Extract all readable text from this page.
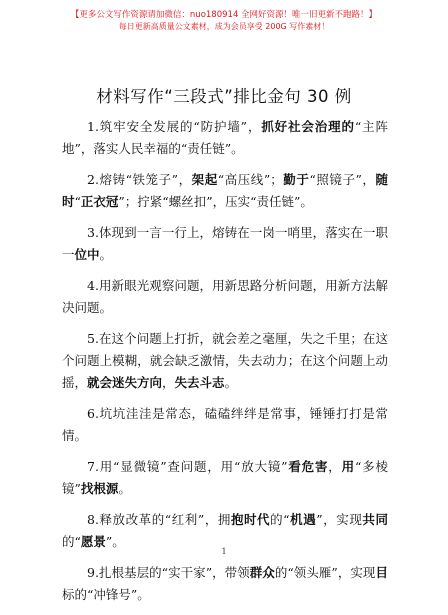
【更多公文写作资源请加微信：nuo180914 全网好资源！唯一旧更新不跑路！】
每日更新高质量公文素材，成为会员享受 200G 写作素材！
材料写作“三段式”排比金句 30 例

1.筑牢安全发展的“防护墙”，抓好社会治理的“主阵地”，落实人民幸福的“责任链”。

2.熔铸“铁笼子”，架起“高压线”；勤于“照镜子”，随时“正衣冠”；拧紧“螺丝扣”，压实“责任链”。

3.体现到一言一行上，熔铸在一岗一哨里，落实在一职一位中。

4.用新眼光观察问题，用新思路分析问题，用新方法解决问题。

5.在这个问题上打折，就会差之毫厘，失之千里；在这个问题上模糊，就会缺乏激情，失去动力；在这个问题上动摇，就会迷失方向，失去斗志。

6.坑坑洼洼是常态，磕磕绊绊是常事，锤锤打打是常情。

7.用“显微镜”查问题，用“放大镜”看危害，用“多棱镜”找根源。

8.释放改革的“红利”，拥抱时代的“机遇”，实现共同的“愿景”。

9.扎根基层的“实干家”，带领群众的“领头雁”，实现目标的“冲锋号”。

1
